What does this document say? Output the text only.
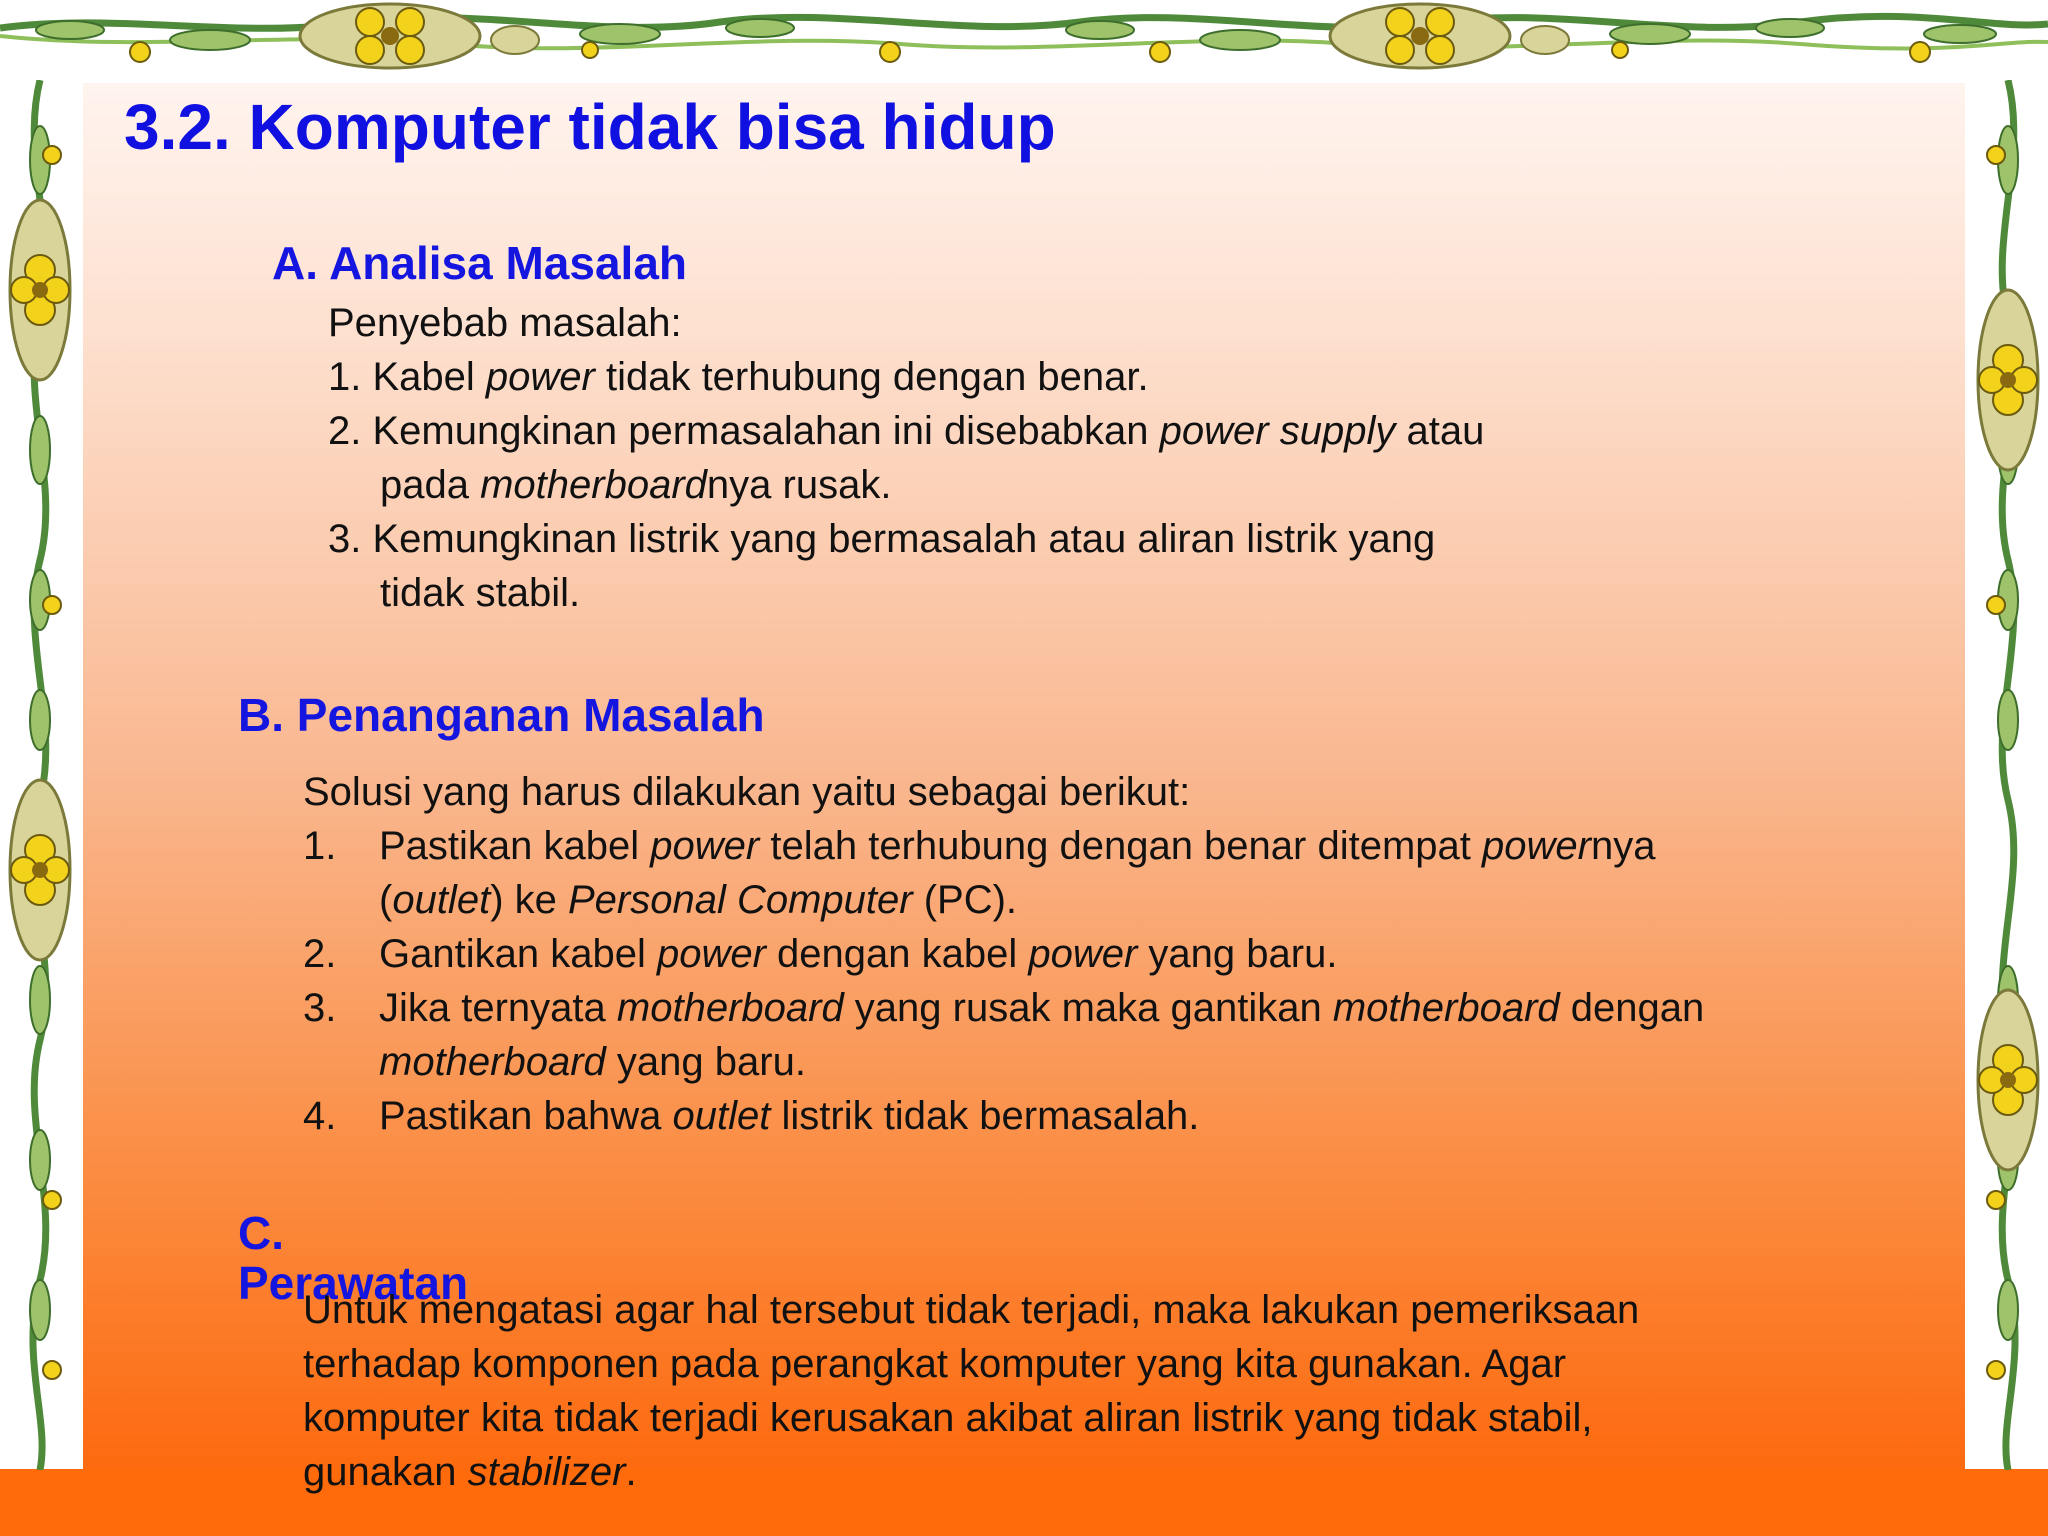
3.2. Komputer tidak bisa hidup
A. Analisa Masalah
Penyebab masalah:
1. Kabel power tidak terhubung dengan benar.
2. Kemungkinan permasalahan ini disebabkan power supply atau
pada motherboardnya rusak.
3. Kemungkinan listrik yang bermasalah atau aliran listrik yang
tidak stabil.
B. Penanganan Masalah
Solusi yang harus dilakukan yaitu sebagai berikut:
1. Pastikan kabel power telah terhubung dengan benar ditempat powernya
(outlet) ke Personal Computer (PC).
2. Gantikan kabel power dengan kabel power yang baru.
3. Jika ternyata motherboard yang rusak maka gantikan motherboard dengan
motherboard yang baru.
4. Pastikan bahwa outlet listrik tidak bermasalah.
C.
Perawatan
Untuk mengatasi agar hal tersebut tidak terjadi, maka lakukan pemeriksaan
terhadap komponen pada perangkat komputer yang kita gunakan. Agar
komputer kita tidak terjadi kerusakan akibat aliran listrik yang tidak stabil,
gunakan stabilizer.
